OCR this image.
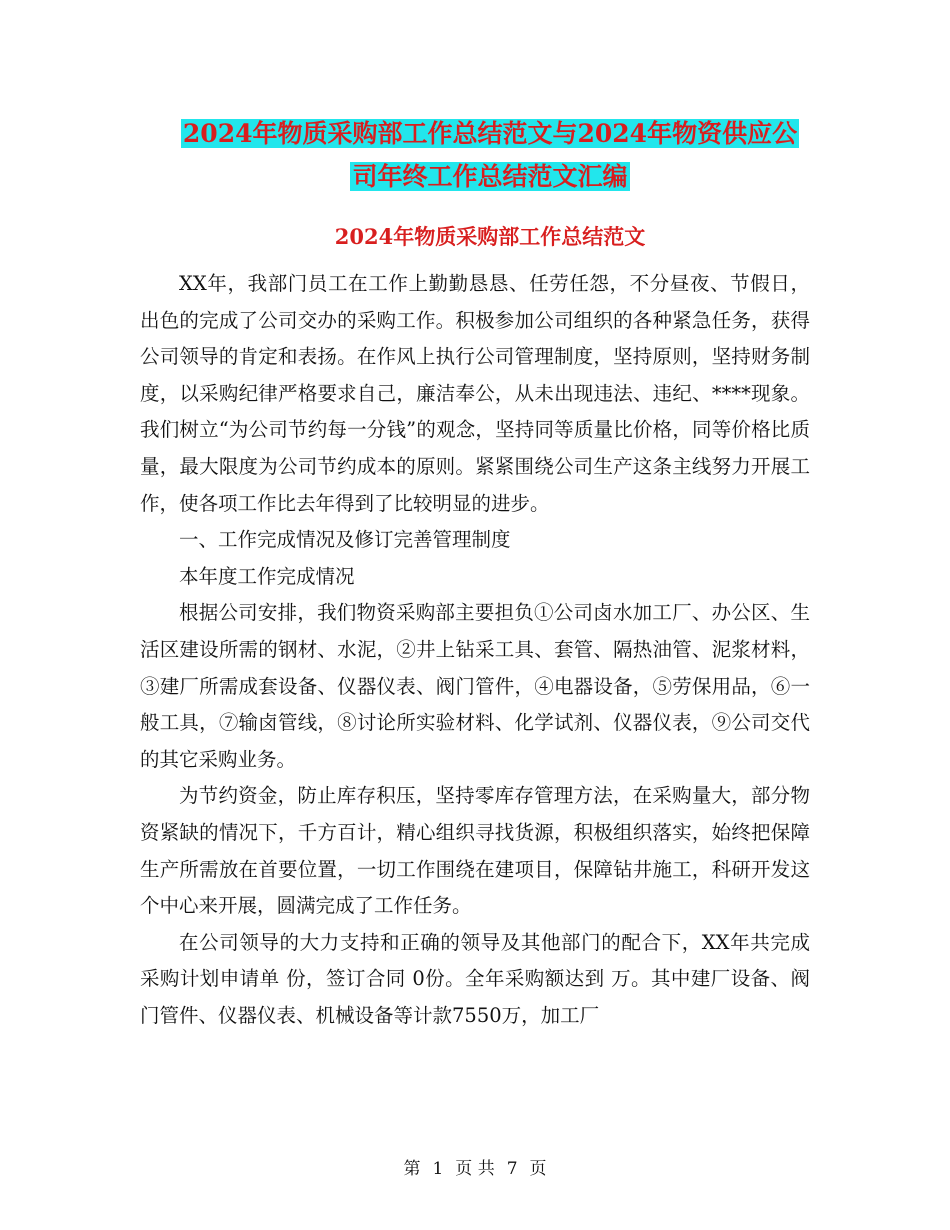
2024年物质采购部工作总结范文与2024年物资供应公
司年终工作总结范文汇编
2024年物质采购部工作总结范文

XX年，我部门员工在工作上勤勤恳恳、任劳任怨，不分昼夜、节假日，出色的完成了公司交办的采购工作。积极参加公司组织的各种紧急任务，获得公司领导的肯定和表扬。在作风上执行公司管理制度，坚持原则，坚持财务制度，以采购纪律严格要求自己，廉洁奉公，从未出现违法、违纪、****现象。我们树立“为公司节约每一分钱”的观念，坚持同等质量比价格，同等价格比质量，最大限度为公司节约成本的原则。紧紧围绕公司生产这条主线努力开展工作，使各项工作比去年得到了比较明显的进步。

一、工作完成情况及修订完善管理制度

本年度工作完成情况

根据公司安排，我们物资采购部主要担负①公司卤水加工厂、办公区、生活区建设所需的钢材、水泥，②井上钻采工具、套管、隔热油管、泥浆材料，③建厂所需成套设备、仪器仪表、阀门管件，④电器设备，⑤劳保用品，⑥一般工具，⑦输卤管线，⑧讨论所实验材料、化学试剂、仪器仪表，⑨公司交代的其它采购业务。

为节约资金，防止库存积压，坚持零库存管理方法，在采购量大，部分物资紧缺的情况下，千方百计，精心组织寻找货源，积极组织落实，始终把保障生产所需放在首要位置，一切工作围绕在建项目，保障钻井施工，科研开发这个中心来开展，圆满完成了工作任务。

在公司领导的大力支持和正确的领导及其他部门的配合下，XX年共完成采购计划申请单 份，签订合同 0份。全年采购额达到 万。其中建厂设备、阀门管件、仪器仪表、机械设备等计款7550万，加工厂

第 1 页 共 7 页
